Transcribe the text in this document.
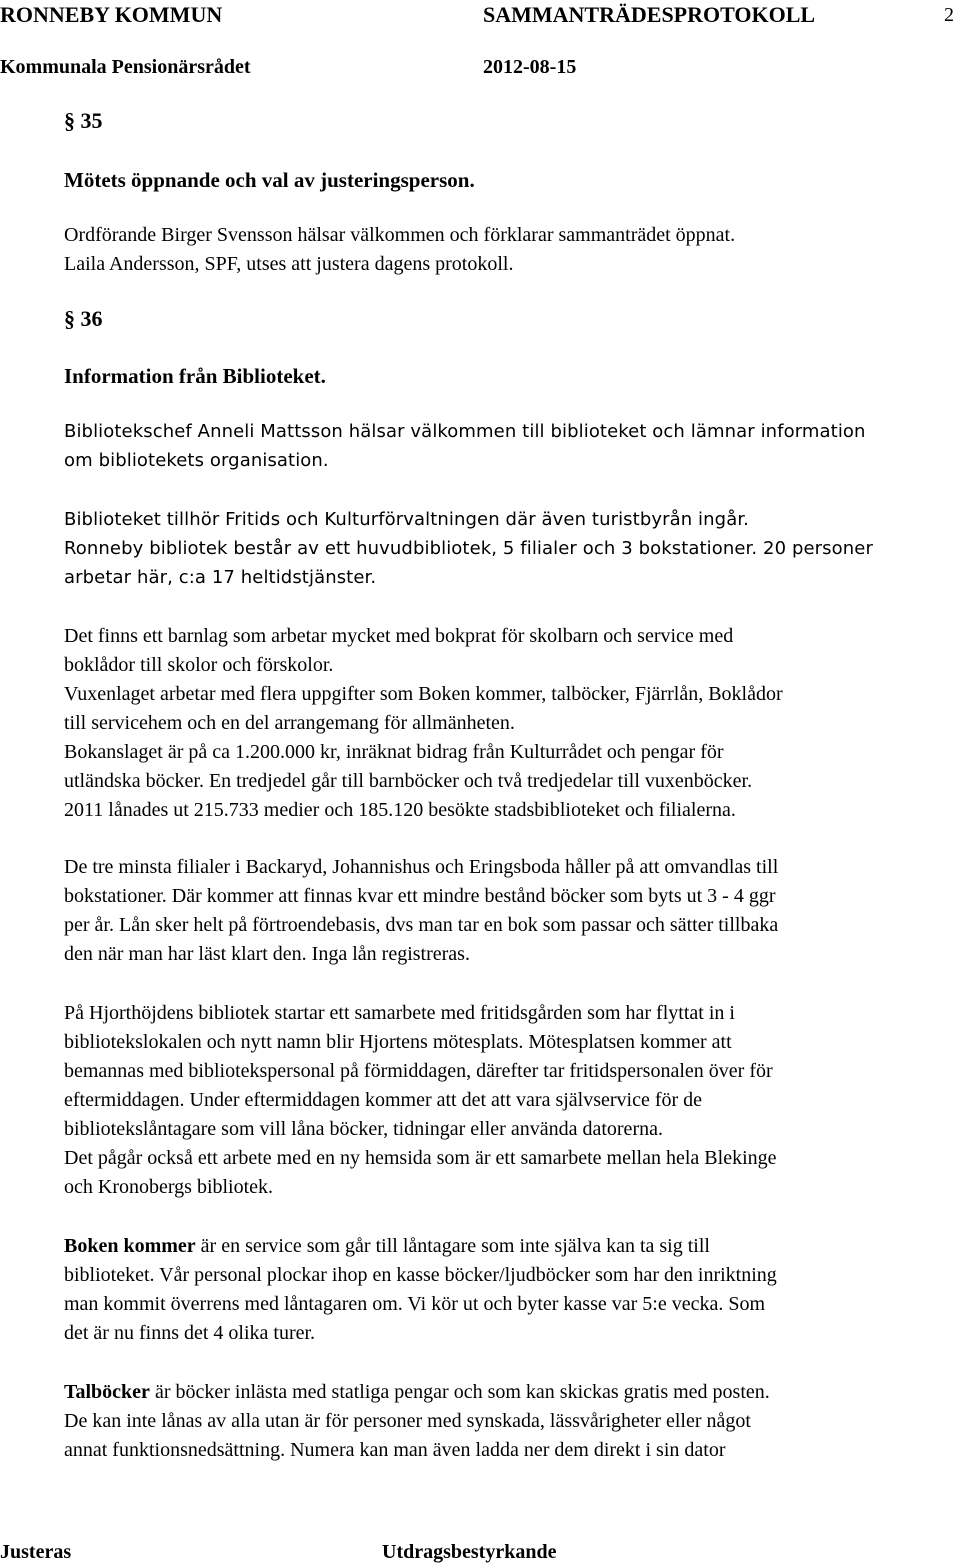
RONNEBY KOMMUN	SAMMANTRÄDESPROTOKOLL	2
Kommunala Pensionärsrådet	2012-08-15

§ 35

Mötets öppnande och val av justeringsperson.

Ordförande Birger Svensson hälsar välkommen och förklarar sammanträdet öppnat.

Laila Andersson, SPF, utses att justera dagens protokoll.

§ 36

Information från Biblioteket.

Bibliotekschef Anneli Mattsson hälsar välkommen till biblioteket och lämnar information

om bibliotekets organisation.

Biblioteket tillhör Fritids och Kulturförvaltningen där även turistbyrån ingår.

Ronneby bibliotek består av ett huvudbibliotek, 5 filialer och 3 bokstationer. 20 personer

arbetar här, c:a 17 heltidstjänster.

Det finns ett barnlag som arbetar mycket med bokprat för skolbarn och service med

boklådor till skolor och förskolor.

Vuxenlaget arbetar med flera uppgifter som Boken kommer, talböcker, Fjärrlån, Boklådor

till servicehem och en del arrangemang för allmänheten.

Bokanslaget är på ca 1.200.000 kr, inräknat bidrag från Kulturrådet och pengar för

utländska böcker. En tredjedel går till barnböcker och två tredjedelar till vuxenböcker.

2011 lånades ut 215.733 medier och 185.120 besökte stadsbiblioteket och filialerna.

De tre minsta filialer i Backaryd, Johannishus och Eringsboda håller på att omvandlas till

bokstationer. Där kommer att finnas kvar ett mindre bestånd böcker som byts ut 3 - 4 ggr

per år. Lån sker helt på förtroendebasis, dvs man tar en bok som passar och sätter tillbaka

den när man har läst klart den. Inga lån registreras.

På Hjorthöjdens bibliotek startar ett samarbete med fritidsgården som har flyttat in i

bibliotekslokalen och nytt namn blir Hjortens mötesplats. Mötesplatsen kommer att

bemannas med bibliotekspersonal på förmiddagen, därefter tar fritidspersonalen över för

eftermiddagen. Under eftermiddagen kommer att det att vara självservice för de

bibliotekslåntagare som vill låna böcker, tidningar eller använda datorerna.

Det pågår också ett arbete med en ny hemsida som är ett samarbete mellan hela Blekinge

och Kronobergs bibliotek.

Boken kommer är en service som går till låntagare som inte själva kan ta sig till

biblioteket. Vår personal plockar ihop en kasse böcker/ljudböcker som har den inriktning

man kommit överrens med låntagaren om. Vi kör ut och byter kasse var 5:e vecka. Som

det är nu finns det 4 olika turer.

Talböcker är böcker inlästa med statliga pengar och som kan skickas gratis med posten.

De kan inte lånas av alla utan är för personer med synskada, lässvårigheter eller något

annat funktionsnedsättning. Numera kan man även ladda ner dem direkt i sin dator

Justeras	Utdragsbestyrkande
